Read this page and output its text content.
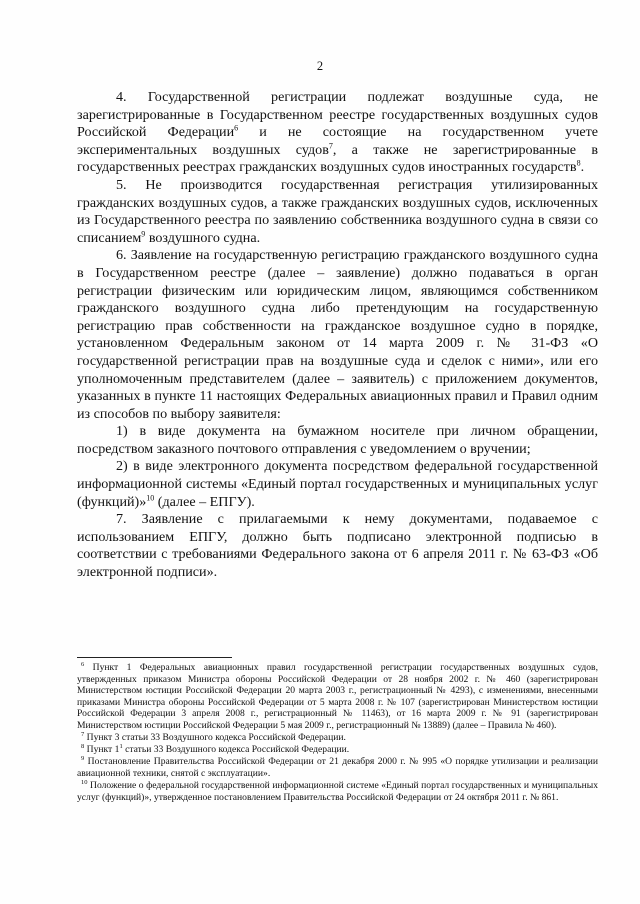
2

4. Государственной регистрации подлежат воздушные суда, не зарегистрированные в Государственном реестре государственных воздушных судов Российской Федерации$^6$ и не состоящие на государственном учете экспериментальных воздушных судов$^7$, а также не зарегистрированные в государственных реестрах гражданских воздушных судов иностранных государств$^8$.

5. Не производится государственная регистрация утилизированных гражданских воздушных судов, а также гражданских воздушных судов, исключенных из Государственного реестра по заявлению собственника воздушного судна в связи со списанием$^9$ воздушного судна.

6. Заявление на государственную регистрацию гражданского воздушного судна в Государственном реестре (далее – заявление) должно подаваться в орган регистрации физическим или юридическим лицом, являющимся собственником гражданского воздушного судна либо претендующим на государственную регистрацию прав собственности на гражданское воздушное судно в порядке, установленном Федеральным законом от 14 марта 2009 г. № 31-ФЗ «О государственной регистрации прав на воздушные суда и сделок с ними», или его уполномоченным представителем (далее – заявитель) с приложением документов, указанных в пункте 11 настоящих Федеральных авиационных правил и Правил одним из способов по выбору заявителя:

1) в виде документа на бумажном носителе при личном обращении, посредством заказного почтового отправления с уведомлением о вручении;

2) в виде электронного документа посредством федеральной государственной информационной системы «Единый портал государственных и муниципальных услуг (функций)»$^{10}$ (далее – ЕПГУ).

7. Заявление с прилагаемыми к нему документами, подаваемое с использованием ЕПГУ, должно быть подписано электронной подписью в соответствии с требованиями Федерального закона от 6 апреля 2011 г. № 63-ФЗ «Об электронной подписи».

$^6$ Пункт 1 Федеральных авиационных правил государственной регистрации государственных воздушных судов, утвержденных приказом Министра обороны Российской Федерации от 28 ноября 2002 г. № 460 (зарегистрирован Министерством юстиции Российской Федерации 20 марта 2003 г., регистрационный № 4293), с изменениями, внесенными приказами Министра обороны Российской Федерации от 5 марта 2008 г. № 107 (зарегистрирован Министерством юстиции Российской Федерации 3 апреля 2008 г., регистрационный № 11463), от 16 марта 2009 г. № 91 (зарегистрирован Министерством юстиции Российской Федерации 5 мая 2009 г., регистрационный № 13889) (далее – Правила № 460).

$^7$ Пункт 3 статьи 33 Воздушного кодекса Российской Федерации.

$^8$ Пункт $1^1$ статьи 33 Воздушного кодекса Российской Федерации.

$^9$ Постановление Правительства Российской Федерации от 21 декабря 2000 г. № 995 «О порядке утилизации и реализации авиационной техники, снятой с эксплуатации».

$^{10}$ Положение о федеральной государственной информационной системе «Единый портал государственных и муниципальных услуг (функций)», утвержденное постановлением Правительства Российской Федерации от 24 октября 2011 г. № 861.
